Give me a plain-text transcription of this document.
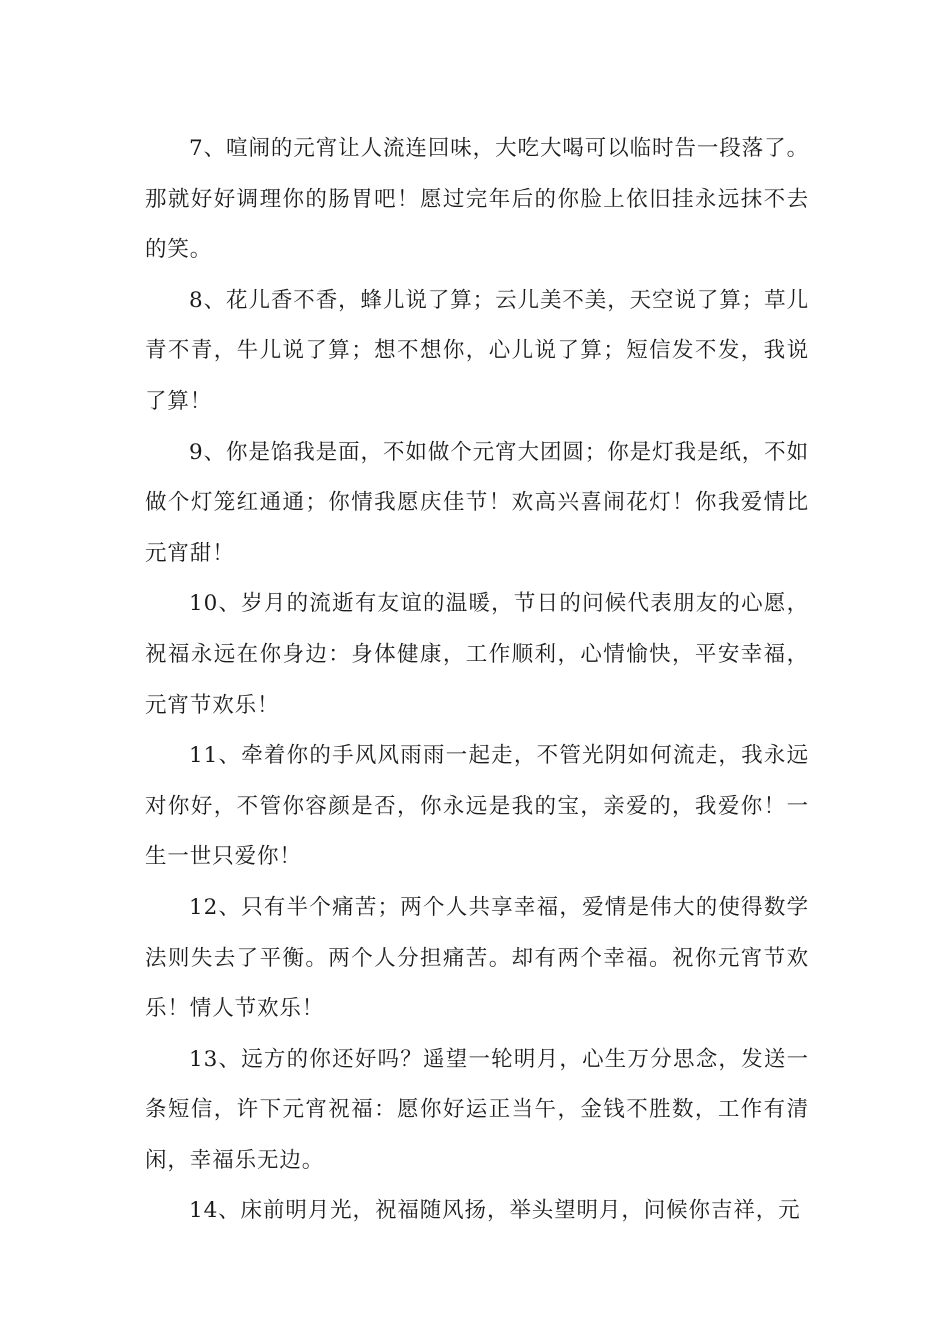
7、喧闹的元宵让人流连回味，大吃大喝可以临时告一段落了。那就好好调理你的肠胃吧！愿过完年后的你脸上依旧挂永远抹不去的笑。

8、花儿香不香，蜂儿说了算；云儿美不美，天空说了算；草儿青不青，牛儿说了算；想不想你，心儿说了算；短信发不发，我说了算！

9、你是馅我是面，不如做个元宵大团圆；你是灯我是纸，不如做个灯笼红通通；你情我愿庆佳节！欢高兴喜闹花灯！你我爱情比元宵甜！

10、岁月的流逝有友谊的温暖，节日的问候代表朋友的心愿，祝福永远在你身边：身体健康，工作顺利，心情愉快，平安幸福，元宵节欢乐！

11、牵着你的手风风雨雨一起走，不管光阴如何流走，我永远对你好，不管你容颜是否，你永远是我的宝，亲爱的，我爱你！一生一世只爱你！

12、只有半个痛苦；两个人共享幸福，爱情是伟大的使得数学法则失去了平衡。两个人分担痛苦。却有两个幸福。祝你元宵节欢乐！情人节欢乐！

13、远方的你还好吗？遥望一轮明月，心生万分思念，发送一条短信，许下元宵祝福：愿你好运正当午，金钱不胜数，工作有清闲，幸福乐无边。

14、床前明月光，祝福随风扬，举头望明月，问候你吉祥，元
